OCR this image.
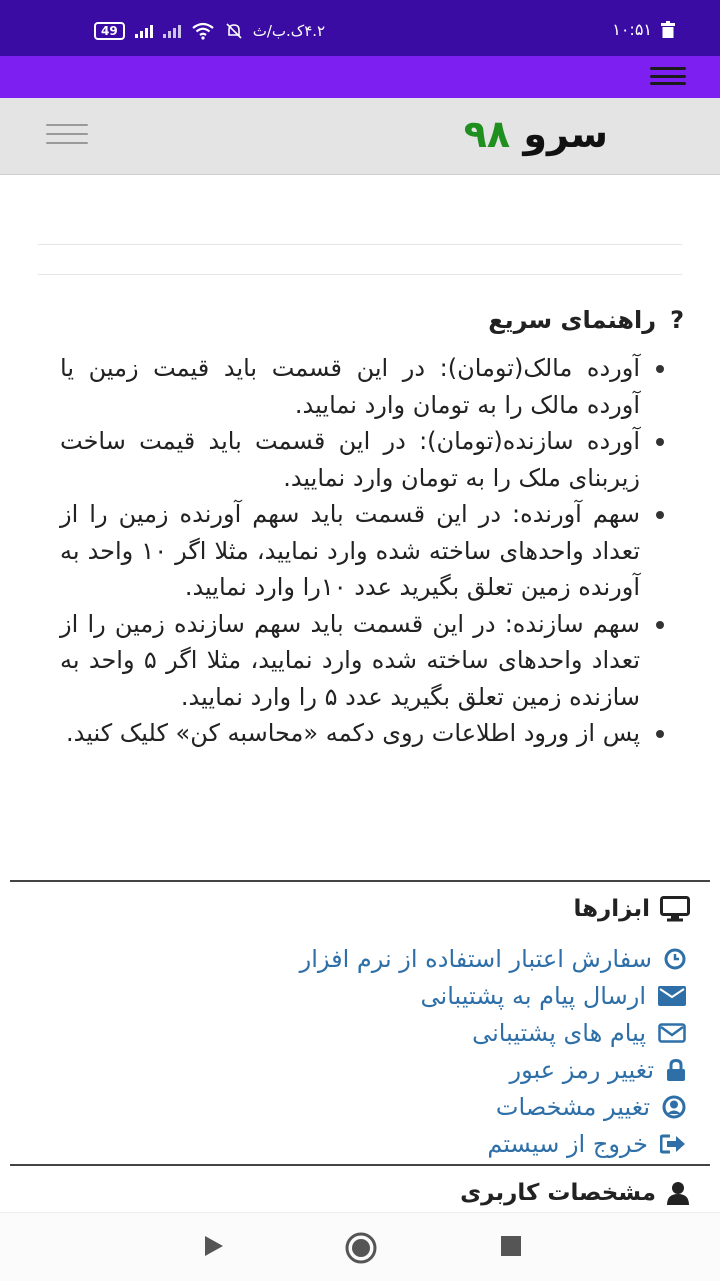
49	۴.۲ک.ب/ث	۱۰:۵۱
سرو ۹۸
?
راهنمای سریع
آورده مالک(تومان): در این قسمت باید قیمت زمین یا آورده مالک را به تومان وارد نمایید.
آورده سازنده(تومان): در این قسمت باید قیمت ساخت زیربنای ملک را به تومان وارد نمایید.
سهم آورنده: در این قسمت باید سهم آورنده زمین را از تعداد واحدهای ساخته شده وارد نمایید، مثلا اگر ۱۰ واحد به آورنده زمین تعلق بگیرید عدد ۱۰را وارد نمایید.
سهم سازنده: در این قسمت باید سهم سازنده زمین را از تعداد واحدهای ساخته شده وارد نمایید، مثلا اگر ۵ واحد به سازنده زمین تعلق بگیرید عدد ۵ را وارد نمایید.
پس از ورود اطلاعات روی دکمه «محاسبه کن» کلیک کنید.
ابزارها
سفارش اعتبار استفاده از نرم افزار
ارسال پیام به پشتیبانی
پیام های پشتیبانی
تغییر رمز عبور
تغییر مشخصات
خروج از سیستم
مشخصات کاربری
